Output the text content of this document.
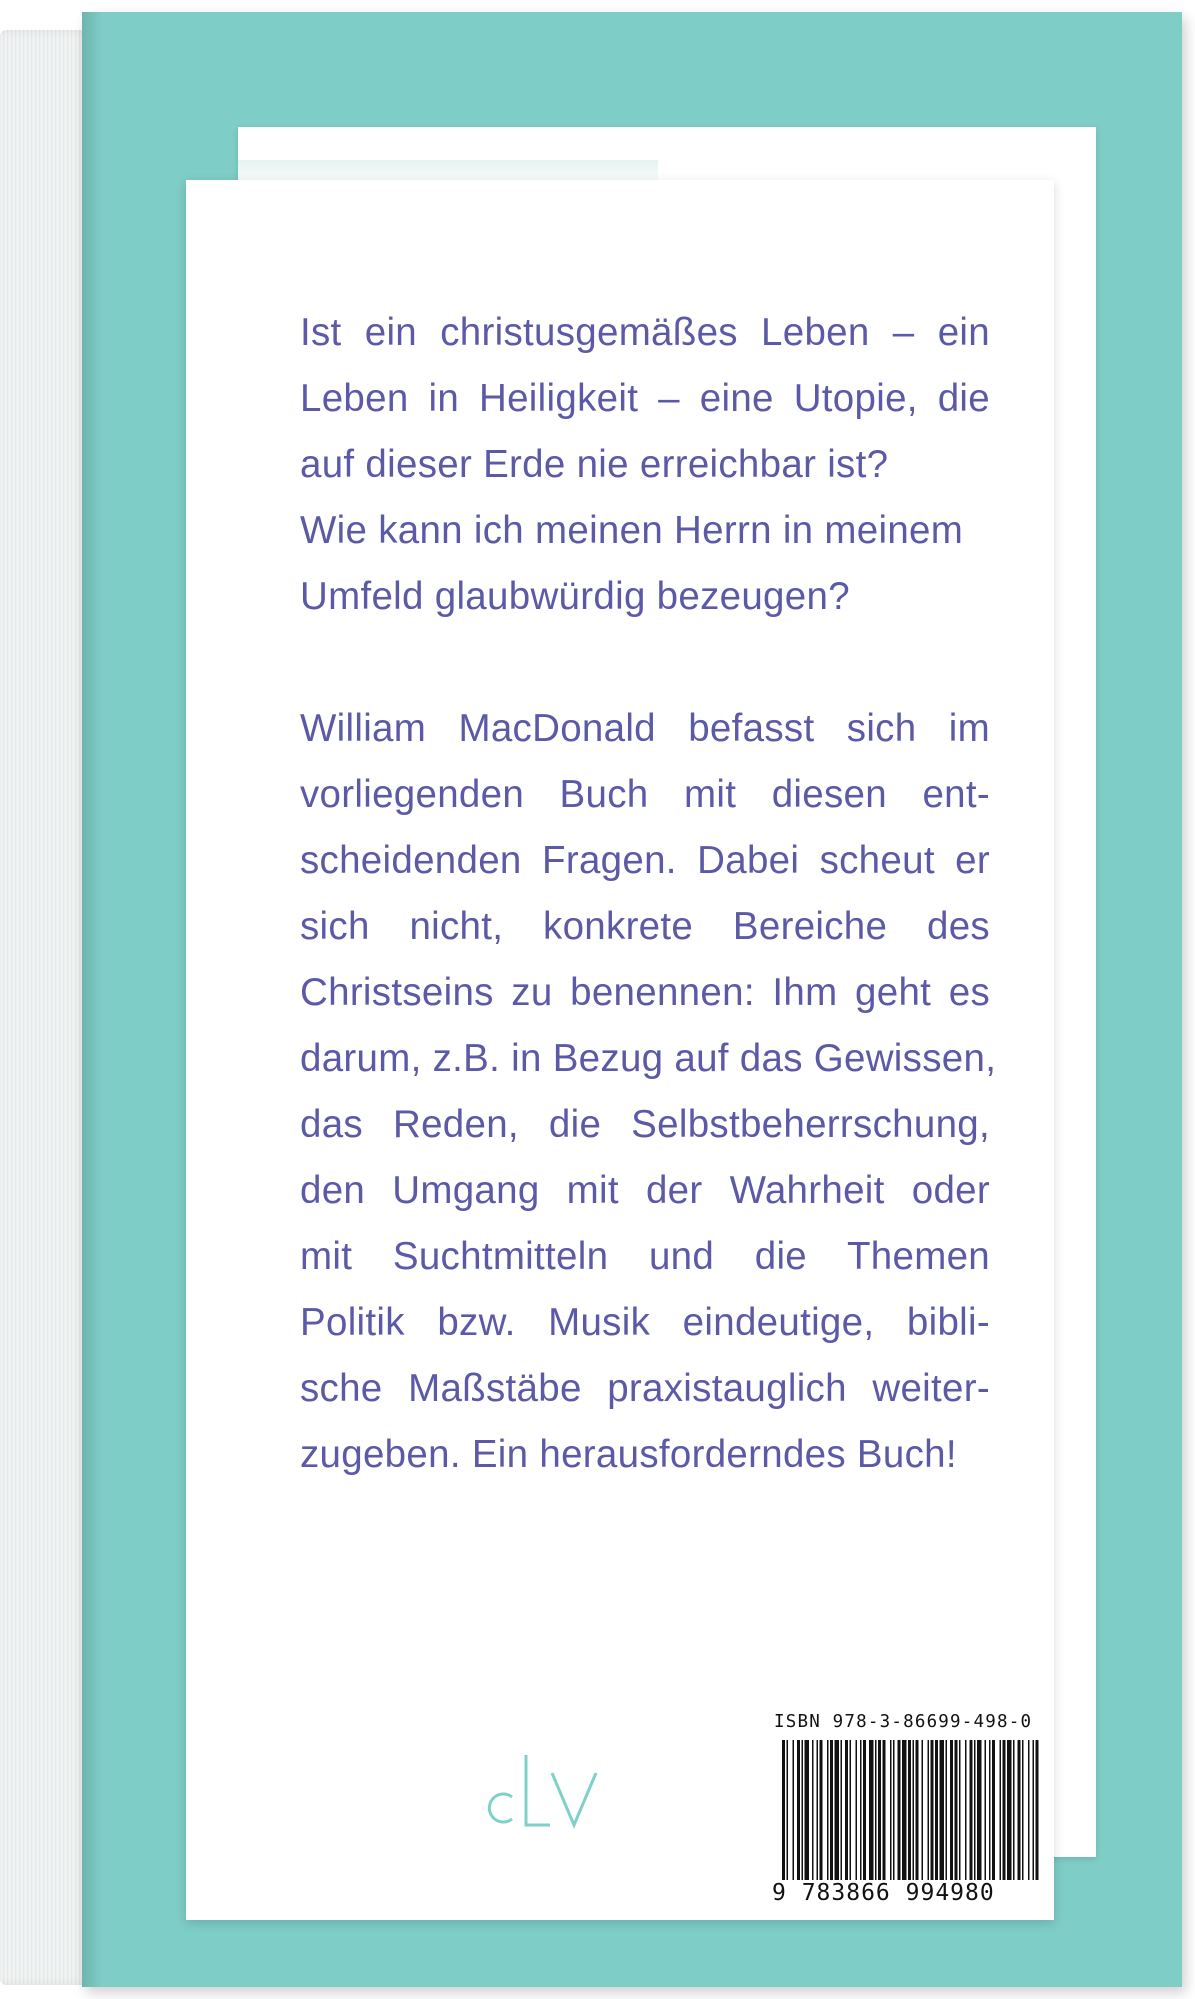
Ist ein christusgemäßes Leben – ein
Leben in Heiligkeit – eine Utopie, die
auf dieser Erde nie erreichbar ist?
Wie kann ich meinen Herrn in meinem
Umfeld glaubwürdig bezeugen?
William MacDonald befasst sich im
vorliegenden Buch mit diesen ent-
scheidenden Fragen. Dabei scheut er
sich nicht, konkrete Bereiche des
Christseins zu benennen: Ihm geht es
darum, z.B. in Bezug auf das Gewissen,
das Reden, die Selbstbeherrschung,
den Umgang mit der Wahrheit oder
mit Suchtmitteln und die Themen
Politik bzw. Musik eindeutige, bibli-
sche Maßstäbe praxistauglich weiter-
zugeben. Ein herausforderndes Buch!
ISBN 978-3-86699-498-0
9 783866 994980
